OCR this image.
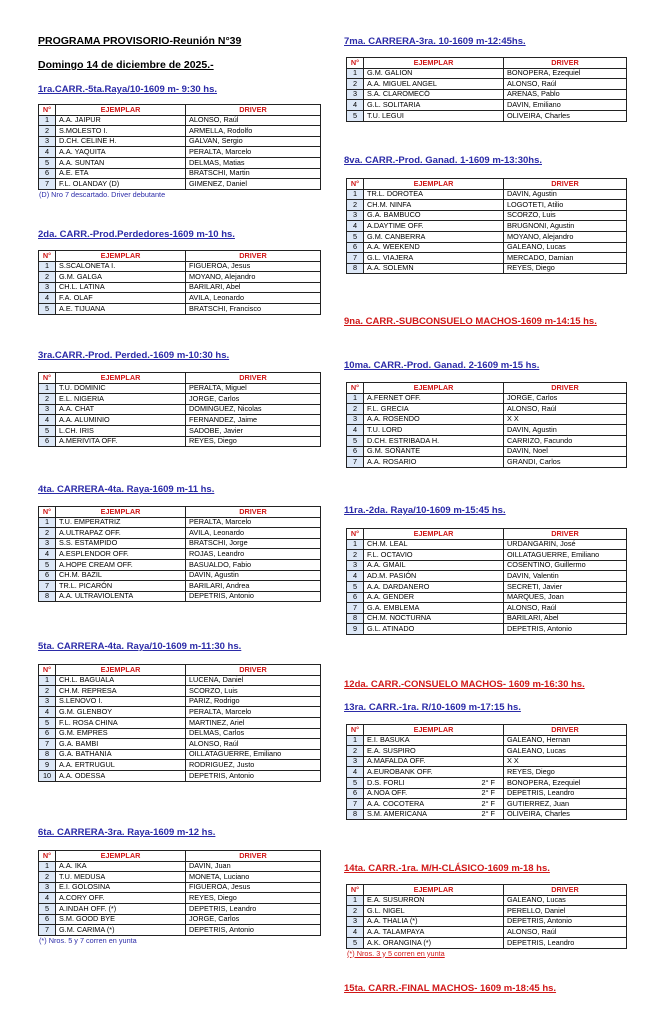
PROGRAMA PROVISORIO-Reunión N°39
Domingo 14 de diciembre de 2025.-
1ra.CARR.-5ta.Raya/10-1609 m- 9:30 hs.
N°	EJEMPLAR	DRIVER
1	A.A. JAIPUR	ALONSO, Raúl
2	S.MOLESTO I.	ARMELLA, Rodolfo
3	D.CH. CELINE H.	GALVAN, Sergio
4	A.A. YAQUITA	PERALTA, Marcelo
5	A.A. SUNTAN	DELMAS, Matias
6	A.E. ETA	BRATSCHI, Martin
7	F.L. OLANDAY (D)	GIMENEZ, Daniel
(D) Nro 7 descartado. Driver debutante
2da. CARR.-Prod.Perdedores-1609 m-10 hs.
N°	EJEMPLAR	DRIVER
1	S.SCALONETA I.	FIGUEROA, Jesus
2	G.M. GALGA	MOYANO, Alejandro
3	CH.L. LATINA	BARILARI, Abel
4	F.A. OLAF	AVILA, Leonardo
5	A.E. TIJUANA	BRATSCHI, Francisco
3ra.CARR.-Prod. Perded.-1609 m-10:30 hs.
N°	EJEMPLAR	DRIVER
1	T.U. DOMINIC	PERALTA, Miguel
2	E.L. NIGERIA	JORGE, Carlos
3	A.A. CHAT	DOMINGUEZ, Nicolas
4	A.A. ALUMINIO	FERNANDEZ, Jaime
5	L.CH. IRIS	SADOBE, Javier
6	A.MERIVITA OFF.	REYES, Diego
4ta. CARRERA-4ta. Raya-1609 m-11 hs.
N°	EJEMPLAR	DRIVER
1	T.U. EMPERATRIZ	PERALTA, Marcelo
2	A.ULTRAPAZ OFF.	AVILA, Leonardo
3	S.S. ESTAMPIDO	BRATSCHI, Jorge
4	A.ESPLENDOR OFF.	ROJAS, Leandro
5	A.HOPE CREAM OFF.	BASUALDO, Fabio
6	CH.M. BAZIL	DAVIN, Agustin
7	TR.L. PICARÓN	BARILARI, Andrea
8	A.A. ULTRAVIOLENTA	DEPETRIS, Antonio
5ta. CARRERA-4ta. Raya/10-1609 m-11:30 hs.
N°	EJEMPLAR	DRIVER
1	CH.L. BAGUALA	LUCENA, Daniel
2	CH.M. REPRESA	SCORZO, Luis
3	S.LENOVO I.	PARIZ, Rodrigo
4	G.M. GLENBOY	PERALTA, Marcelo
5	F.L. ROSA CHINA	MARTINEZ, Ariel
6	G.M. EMPRES	DELMAS, Carlos
7	G.A. BAMBI	ALONSO, Raúl
8	G.A. BATHANIA	OILLATAGUERRE, Emiliano
9	A.A. ERTRUGUL	RODRIGUEZ, Justo
10	A.A. ODESSA	DEPETRIS, Antonio
6ta. CARRERA-3ra. Raya-1609 m-12 hs.
N°	EJEMPLAR	DRIVER
1	A.A. IKA	DAVIN, Juan
2	T.U. MEDUSA	MONETA, Luciano
3	E.I. GOLOSINA	FIGUEROA, Jesus
4	A.CORY OFF.	REYES, Diego
5	A.INDAH OFF. (*)	DEPETRIS, Leandro
6	S.M. GOOD BYE	JORGE, Carlos
7	G.M. CARIMA (*)	DEPETRIS, Antonio
(*) Nros. 5 y 7 corren en yunta
7ma. CARRERA-3ra. 10-1609 m-12:45hs.
N°	EJEMPLAR	DRIVER
1	G.M. GALION	BONOPERA, Ezequiel
2	A.A. MIGUEL ANGEL	ALONSO, Raúl
3	S.A. CLAROMECÓ	ARENAS, Pablo
4	G.L. SOLITARIA	DAVIN, Emiliano
5	T.U. LEGUI	OLIVEIRA, Charles
8va. CARR.-Prod. Ganad. 1-1609 m-13:30hs.
N°	EJEMPLAR	DRIVER
1	TR.L. DOROTEA	DAVIN, Agustin
2	CH.M. NINFA	LOGOTETI, Atilio
3	G.A. BAMBUCO	SCORZO, Luis
4	A.DAYTIME OFF.	BRUGNONI, Agustin
5	G.M. CANBERRA	MOYANO, Alejandro
6	A.A. WEEKEND	GALEANO, Lucas
7	G.L. VIAJERA	MERCADO, Damian
8	A.A. SOLEMN	REYES, Diego
9na. CARR.-SUBCONSUELO MACHOS-1609 m-14:15 hs.
10ma. CARR.-Prod. Ganad. 2-1609 m-15 hs.
N°	EJEMPLAR	DRIVER
1	A.FERNET OFF.	JORGE, Carlos
2	F.L. GRECIA	ALONSO, Raúl
3	A.A. ROSENDO	X X
4	T.U. LORD	DAVIN, Agustin
5	D.CH. ESTRIBADA H.	CARRIZO, Facundo
6	G.M. SOÑANTE	DAVIN, Noel
7	A.A. ROSARIO	GRANDI, Carlos
11ra.-2da. Raya/10-1609 m-15:45 hs.
N°	EJEMPLAR	DRIVER
1	CH.M. LEAL	URDANGARIN, José
2	F.L. OCTAVIO	OILLATAGUERRE, Emiliano
3	A.A. GMAIL	COSENTINO, Guillermo
4	AD.M. PASIÓN	DAVIN, Valentin
5	A.A. DARDANERO	SECRETI, Javier
6	A.A. GENDER	MARQUES, Joan
7	G.A. EMBLEMA	ALONSO, Raúl
8	CH.M. NOCTURNA	BARILARI, Abel
9	G.L. ATINADO	DEPETRIS, Antonio
12da. CARR.-CONSUELO MACHOS- 1609 m-16:30 hs.
13ra. CARR.-1ra. R/10-1609 m-17:15 hs.
N°	EJEMPLAR	DRIVER
1	E.I. BASUKA	GALEANO, Hernan
2	E.A. SUSPIRO	GALEANO, Lucas
3	A.MAFALDA OFF.	X X
4	A.EUROBANK OFF.	REYES, Diego
5	D.S. FORLI 2° F	BONOPERA, Ezequiel
6	A.NOA OFF. 2° F	DEPETRIS, Leandro
7	A.A. COCOTERA 2° F	GUTIERREZ, Juan
8	S.M. AMERICANA 2° F	OLIVEIRA, Charles
14ta. CARR.-1ra. M/H-CLÁSICO-1609 m-18 hs.
N°	EJEMPLAR	DRIVER
1	E.A. SUSURRON	GALEANO, Lucas
2	G.L. NIGEL	PERELLO, Daniel
3	A.A. THALIA (*)	DEPETRIS, Antonio
4	A.A. TALAMPAYA	ALONSO, Raúl
5	A.K. ORANGINA (*)	DEPETRIS, Leandro
(*) Nros. 3 y 5 corren en yunta
15ta. CARR.-FINAL MACHOS- 1609 m-18:45 hs.
